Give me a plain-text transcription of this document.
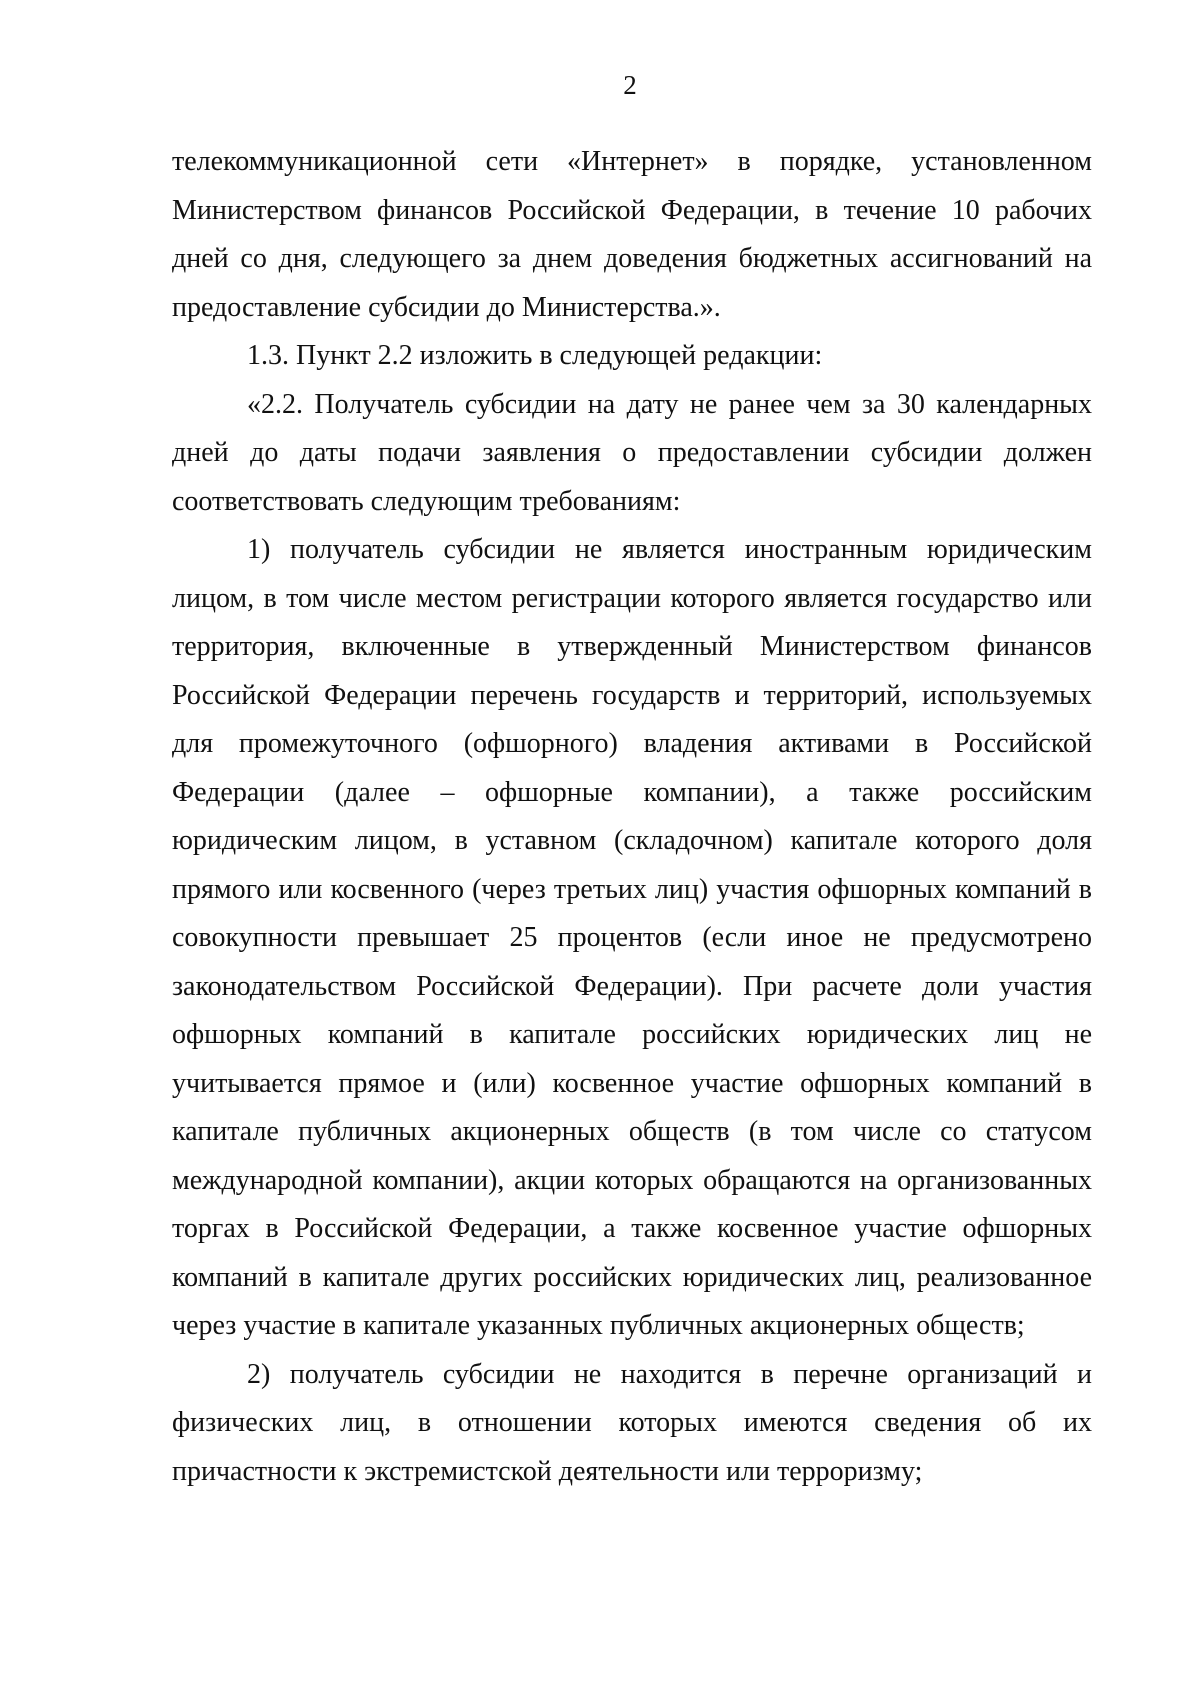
2

телекоммуникационной сети «Интернет» в порядке, установленном Министерством финансов Российской Федерации, в течение 10 рабочих дней со дня, следующего за днем доведения бюджетных ассигнований на предоставление субсидии до Министерства.».

1.3. Пункт 2.2 изложить в следующей редакции:

«2.2. Получатель субсидии на дату не ранее чем за 30 календарных дней до даты подачи заявления о предоставлении субсидии должен соответствовать следующим требованиям:

1) получатель субсидии не является иностранным юридическим лицом, в том числе местом регистрации которого является государство или территория, включенные в утвержденный Министерством финансов Российской Федерации перечень государств и территорий, используемых для промежуточного (офшорного) владения активами в Российской Федерации (далее – офшорные компании), а также российским юридическим лицом, в уставном (складочном) капитале которого доля прямого или косвенного (через третьих лиц) участия офшорных компаний в совокупности превышает 25 процентов (если иное не предусмотрено законодательством Российской Федерации). При расчете доли участия офшорных компаний в капитале российских юридических лиц не учитывается прямое и (или) косвенное участие офшорных компаний в капитале публичных акционерных обществ (в том числе со статусом международной компании), акции которых обращаются на организованных торгах в Российской Федерации, а также косвенное участие офшорных компаний в капитале других российских юридических лиц, реализованное через участие в капитале указанных публичных акционерных обществ;

2) получатель субсидии не находится в перечне организаций и физических лиц, в отношении которых имеются сведения об их причастности к экстремистской деятельности или терроризму;
